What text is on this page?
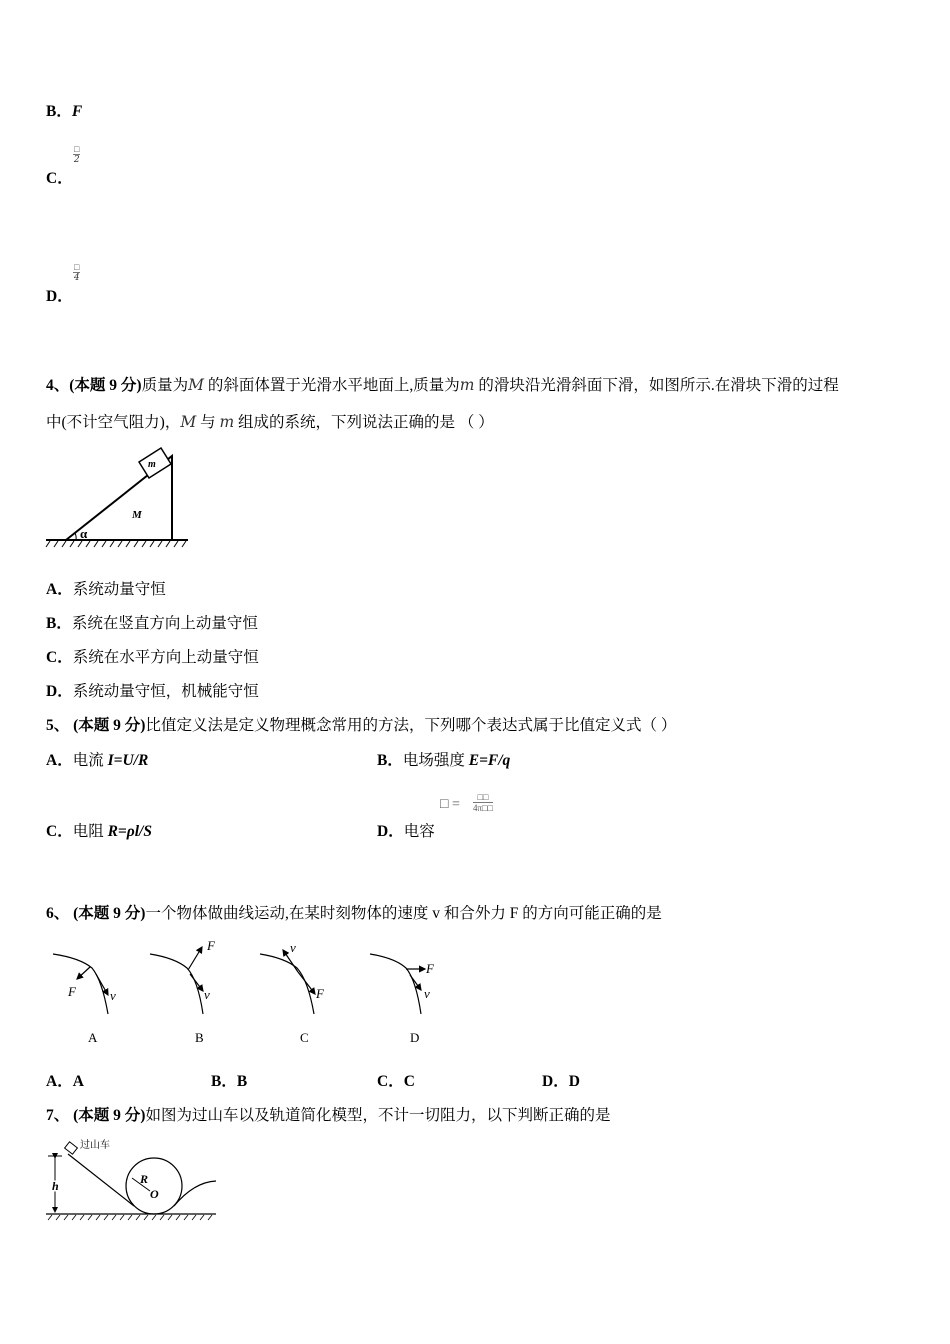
B．F
□
2
C．
□
4
D．
4、(本题 9 分)质量为M 的斜面体置于光滑水平地面上,质量为m 的滑块沿光滑斜面下滑，如图所示.在滑块下滑的过程
中(不计空气阻力)，M 与 m 组成的系统，下列说法正确的是 （ ）
m
M
α
A．系统动量守恒
B．系统在竖直方向上动量守恒
C．系统在水平方向上动量守恒
D．系统动量守恒，机械能守恒
5、 (本题 9 分)比值定义法是定义物理概念常用的方法，下列哪个表达式属于比值定义式（ ）
A．电流 I=U/R	B．电场强度 E=F/q
□ =	□□
4π□□
C．电阻 R=ρl/S	D．电容
6、 (本题 9 分)一个物体做曲线运动,在某时刻物体的速度 v 和合外力 F 的方向可能正确的是
F	v
F
v
v
F
F
v
A	B	C	D
A．A	B．B	C．C	D．D
7、 (本题 9 分)如图为过山车以及轨道简化模型，不计一切阻力，以下判断正确的是
过山车
h	R
O
